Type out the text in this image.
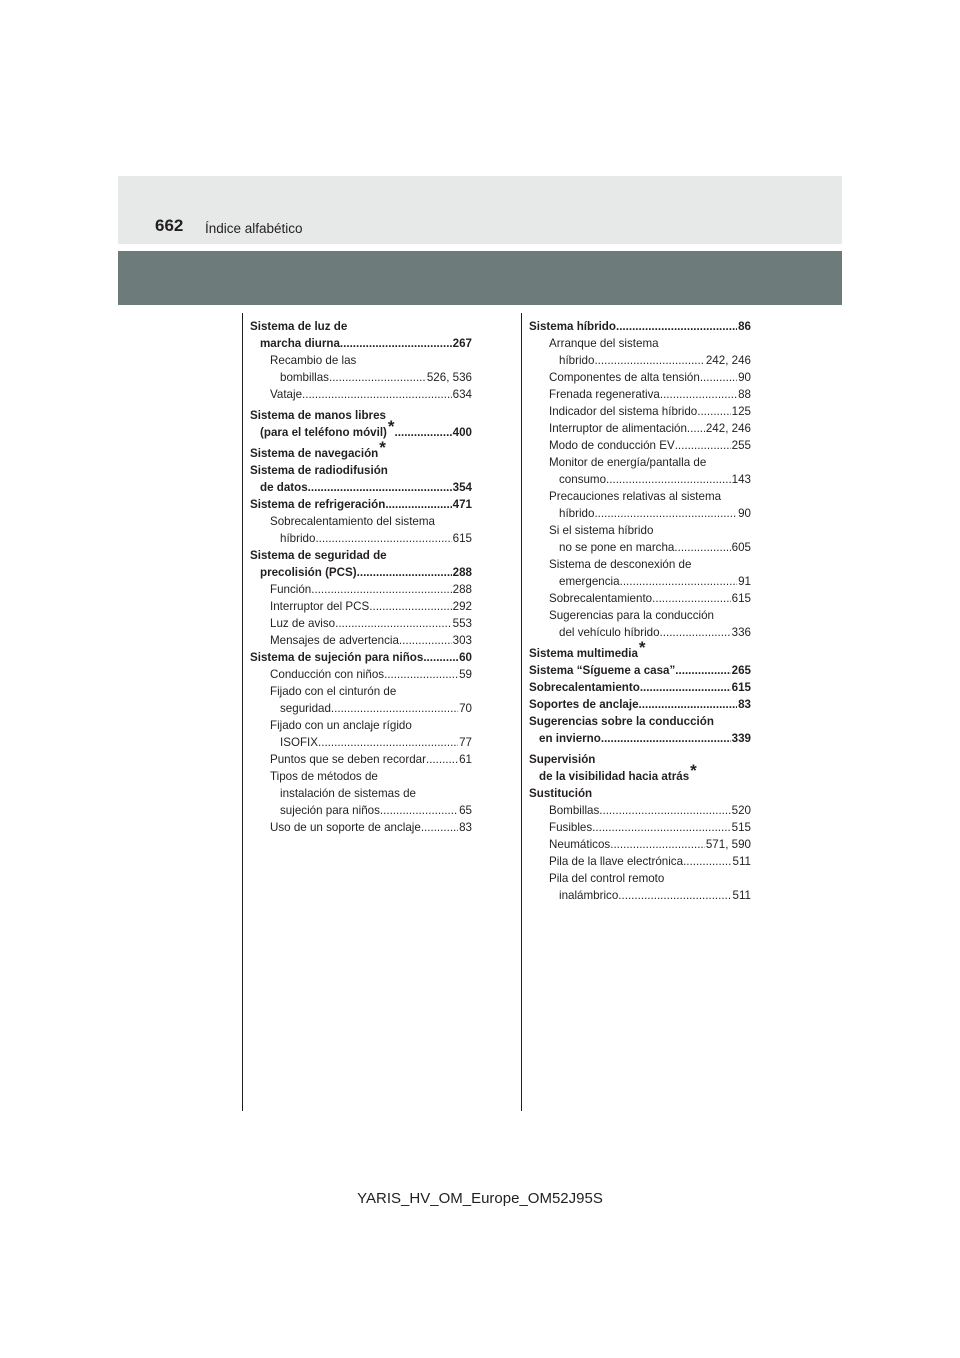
662 Índice alfabético
Sistema de luz de
marcha diurna .....	267
Recambio de las
bombillas .....	526, 536
Vataje .....	634
Sistema de manos libres
(para el teléfono móvil) * .....	400
Sistema de navegación *
Sistema de radiodifusión
de datos .....	354
Sistema de refrigeración .....	471
Sobrecalentamiento del sistema
híbrido .....	615
Sistema de seguridad de
precolisión (PCS) .....	288
Función .....	288
Interruptor del PCS .....	292
Luz de aviso .....	553
Mensajes de advertencia .....	303
Sistema de sujeción para niños .....	60
Conducción con niños .....	59
Fijado con el cinturón de
seguridad .....	70
Fijado con un anclaje rígido
ISOFIX .....	77
Puntos que se deben recordar .....	61
Tipos de métodos de
instalación de sistemas de
sujeción para niños .....	65
Uso de un soporte de anclaje .....	83
Sistema híbrido .....	86
Arranque del sistema
híbrido .....	242, 246
Componentes de alta tensión .....	90
Frenada regenerativa .....	88
Indicador del sistema híbrido .....	125
Interruptor de alimentación ..... 242, 246
Modo de conducción EV .....	255
Monitor de energía/pantalla de
consumo .....	143
Precauciones relativas al sistema
híbrido .....	90
Si el sistema híbrido
no se pone en marcha .....	605
Sistema de desconexión de
emergencia .....	91
Sobrecalentamiento .....	615
Sugerencias para la conducción
del vehículo híbrido .....	336
Sistema multimedia *
Sistema “Sígueme a casa” .....	265
Sobrecalentamiento .....	615
Soportes de anclaje .....	83
Sugerencias sobre la conducción
en invierno .....	339
Supervisión
de la visibilidad hacia atrás *
Sustitución
Bombillas .....	520
Fusibles .....	515
Neumáticos .....	571, 590
Pila de la llave electrónica .....	511
Pila del control remoto
inalámbrico .....	511
YARIS_HV_OM_Europe_OM52J95S
